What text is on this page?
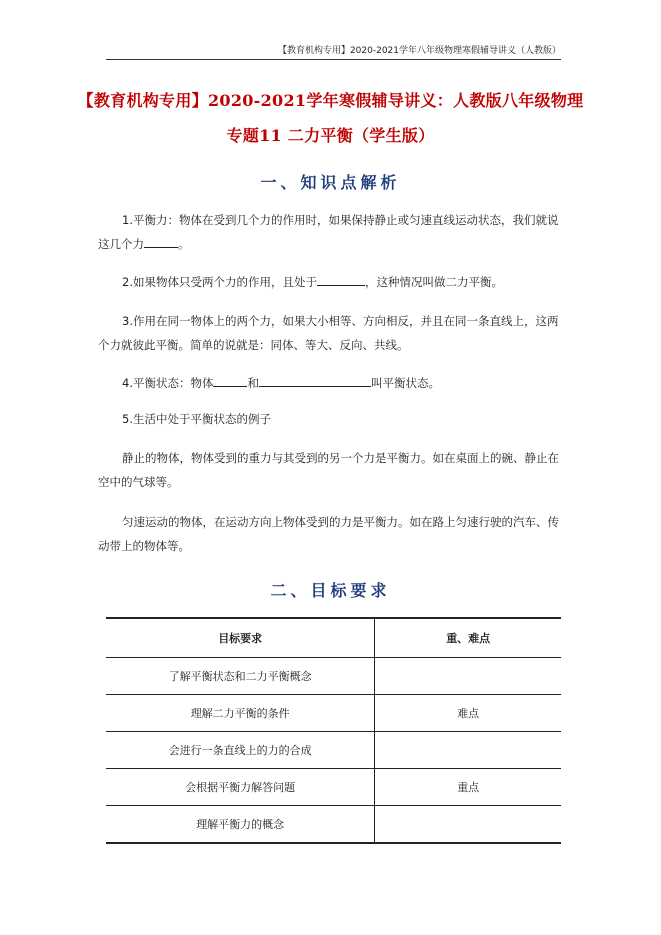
【教育机构专用】2020-2021学年八年级物理寒假辅导讲义（人教版）
【教育机构专用】2020-2021学年寒假辅导讲义：人教版八年级物理
专题11 二力平衡（学生版）
一、知识点解析
1.平衡力：物体在受到几个力的作用时，如果保持静止或匀速直线运动状态，我们就说这几个力	。
2.如果物体只受两个力的作用，且处于	，这种情况叫做二力平衡。
3.作用在同一物体上的两个力，如果大小相等、方向相反，并且在同一条直线上，这两个力就彼此平衡。简单的说就是：同体、等大、反向、共线。
4.平衡状态：物体	和	叫平衡状态。
5.生活中处于平衡状态的例子
静止的物体，物体受到的重力与其受到的另一个力是平衡力。如在桌面上的碗、静止在空中的气球等。
匀速运动的物体，在运动方向上物体受到的力是平衡力。如在路上匀速行驶的汽车、传动带上的物体等。
二、目标要求
目标要求	重、难点
了解平衡状态和二力平衡概念	
理解二力平衡的条件	难点
会进行一条直线上的力的合成	
会根据平衡力解答问题	重点
理解平衡力的概念	
